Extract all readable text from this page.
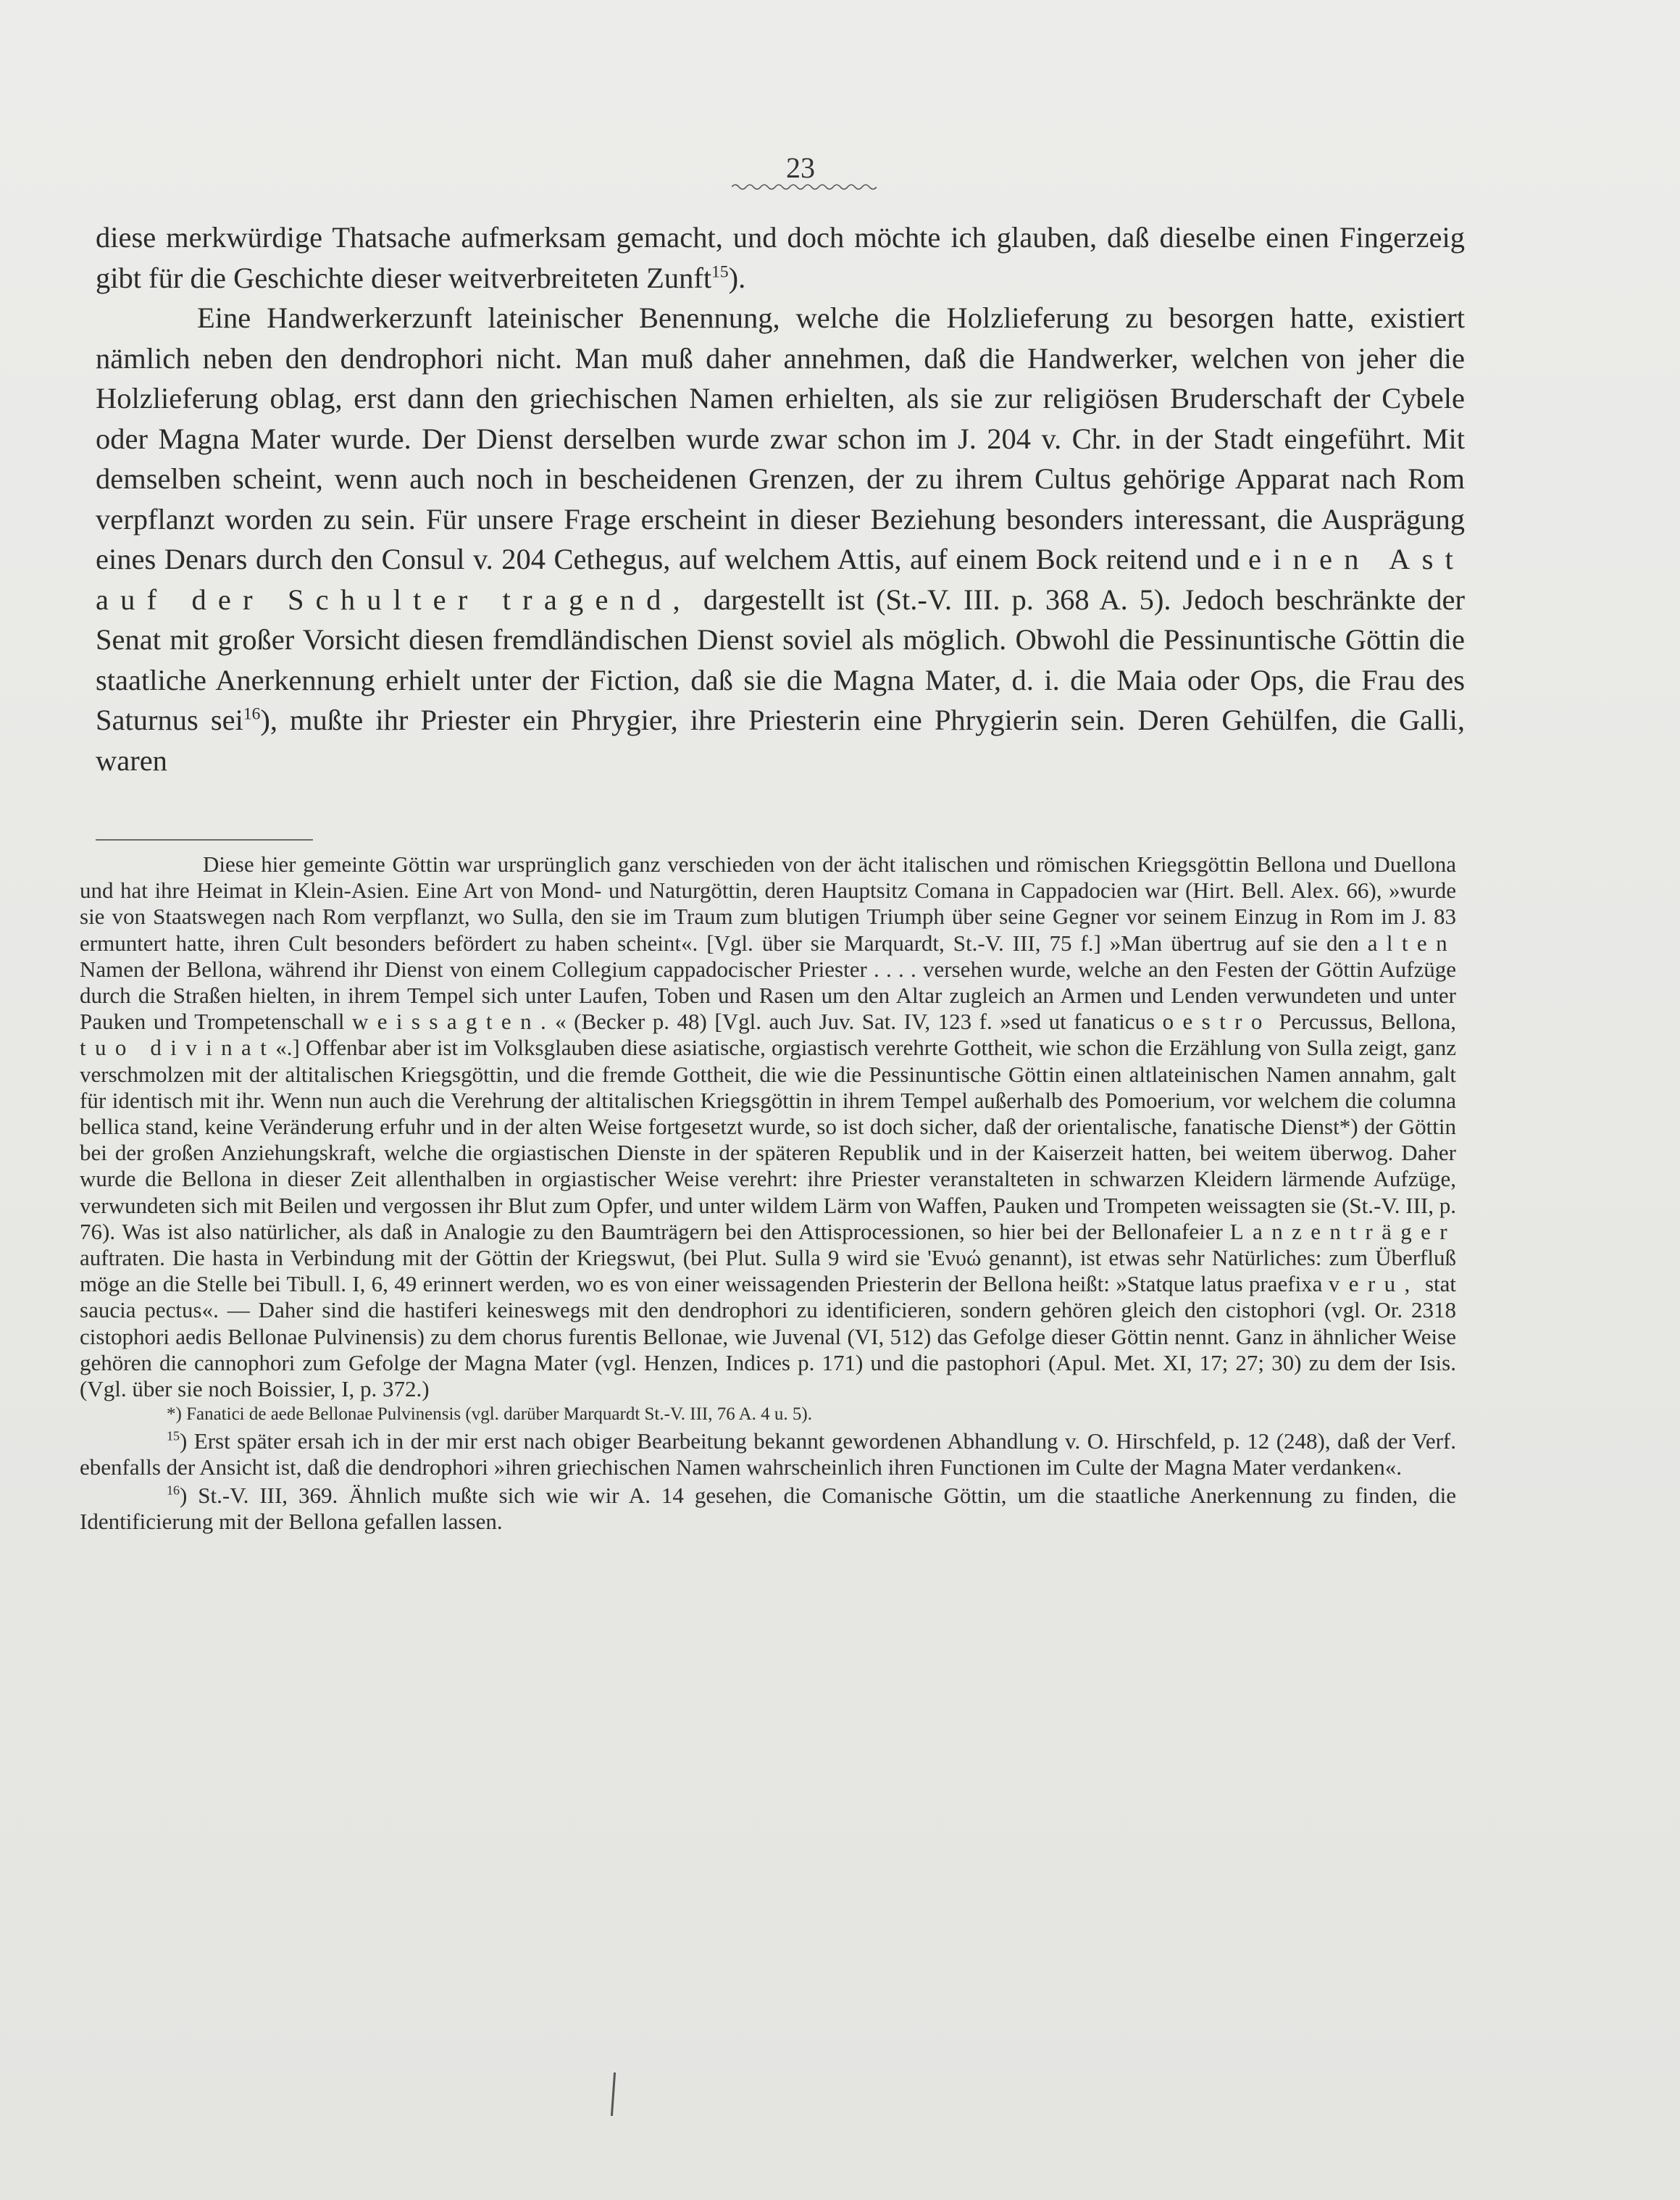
23

diese merkwürdige Thatsache aufmerksam gemacht, und doch möchte ich glauben, daß dieselbe einen Fingerzeig gibt für die Geschichte dieser weitverbreiteten Zunft$^{15}$).

Eine Handwerkerzunft lateinischer Benennung, welche die Holzlieferung zu besorgen hatte, existiert nämlich neben den dendrophori nicht. Man muß daher annehmen, daß die Handwerker, welchen von jeher die Holzlieferung oblag, erst dann den griechischen Namen erhielten, als sie zur religiösen Bruderschaft der Cybele oder Magna Mater wurde. Der Dienst derselben wurde zwar schon im J. 204 v. Chr. in der Stadt eingeführt. Mit demselben scheint, wenn auch noch in bescheidenen Grenzen, der zu ihrem Cultus gehörige Apparat nach Rom verpflanzt worden zu sein. Für unsere Frage erscheint in dieser Beziehung besonders interessant, die Ausprägung eines Denars durch den Consul v. 204 Cethegus, auf welchem Attis, auf einem Bock reitend und einen Ast auf der Schulter tragend, dargestellt ist (St.-V. III. p. 368 A. 5). Jedoch beschränkte der Senat mit großer Vorsicht diesen fremdländischen Dienst soviel als möglich. Obwohl die Pessinuntische Göttin die staatliche Anerkennung erhielt unter der Fiction, daß sie die Magna Mater, d. i. die Maia oder Ops, die Frau des Saturnus sei$^{16}$), mußte ihr Priester ein Phrygier, ihre Priesterin eine Phrygierin sein. Deren Gehülfen, die Galli, waren

Diese hier gemeinte Göttin war ursprünglich ganz verschieden von der ächt italischen und römischen Kriegsgöttin Bellona und Duellona und hat ihre Heimat in Klein-Asien. Eine Art von Mond- und Naturgöttin, deren Hauptsitz Comana in Cappadocien war (Hirt. Bell. Alex. 66), »wurde sie von Staatswegen nach Rom verpflanzt, wo Sulla, den sie im Traum zum blutigen Triumph über seine Gegner vor seinem Einzug in Rom im J. 83 ermuntert hatte, ihren Cult besonders befördert zu haben scheint«. [Vgl. über sie Marquardt, St.-V. III, 75 f.] »Man übertrug auf sie den alten Namen der Bellona, während ihr Dienst von einem Collegium cappadocischer Priester . . . . versehen wurde, welche an den Festen der Göttin Aufzüge durch die Straßen hielten, in ihrem Tempel sich unter Laufen, Toben und Rasen um den Altar zugleich an Armen und Lenden verwundeten und unter Pauken und Trompetenschall weissagten.« (Becker p. 48) [Vgl. auch Juv. Sat. IV, 123 f. »sed ut fanaticus oestro Percussus, Bellona, tuo divinat«.] Offenbar aber ist im Volksglauben diese asiatische, orgiastisch verehrte Gottheit, wie schon die Erzählung von Sulla zeigt, ganz verschmolzen mit der altitalischen Kriegsgöttin, und die fremde Gottheit, die wie die Pessinuntische Göttin einen altlateinischen Namen annahm, galt für identisch mit ihr. Wenn nun auch die Verehrung der altitalischen Kriegsgöttin in ihrem Tempel außerhalb des Pomoerium, vor welchem die columna bellica stand, keine Veränderung erfuhr und in der alten Weise fortgesetzt wurde, so ist doch sicher, daß der orientalische, fanatische Dienst*) der Göttin bei der großen Anziehungskraft, welche die orgiastischen Dienste in der späteren Republik und in der Kaiserzeit hatten, bei weitem überwog. Daher wurde die Bellona in dieser Zeit allenthalben in orgiastischer Weise verehrt: ihre Priester veranstalteten in schwarzen Kleidern lärmende Aufzüge, verwundeten sich mit Beilen und vergossen ihr Blut zum Opfer, und unter wildem Lärm von Waffen, Pauken und Trompeten weissagten sie (St.-V. III, p. 76). Was ist also natürlicher, als daß in Analogie zu den Baumträgern bei den Attisprocessionen, so hier bei der Bellonafeier Lanzenträger auftraten. Die hasta in Verbindung mit der Göttin der Kriegswut, (bei Plut. Sulla 9 wird sie 'Ενυώ genannt), ist etwas sehr Natürliches: zum Überfluß möge an die Stelle bei Tibull. I, 6, 49 erinnert werden, wo es von einer weissagenden Priesterin der Bellona heißt: »Statque latus praefixa veru, stat saucia pectus«. — Daher sind die hastiferi keineswegs mit den dendrophori zu identificieren, sondern gehören gleich den cistophori (vgl. Or. 2318 cistophori aedis Bellonae Pulvinensis) zu dem chorus furentis Bellonae, wie Juvenal (VI, 512) das Gefolge dieser Göttin nennt. Ganz in ähnlicher Weise gehören die cannophori zum Gefolge der Magna Mater (vgl. Henzen, Indices p. 171) und die pastophori (Apul. Met. XI, 17; 27; 30) zu dem der Isis. (Vgl. über sie noch Boissier, I, p. 372.)

*) Fanatici de aede Bellonae Pulvinensis (vgl. darüber Marquardt St.-V. III, 76 A. 4 u. 5).

$^{15}$) Erst später ersah ich in der mir erst nach obiger Bearbeitung bekannt gewordenen Abhandlung v. O. Hirschfeld, p. 12 (248), daß der Verf. ebenfalls der Ansicht ist, daß die dendrophori »ihren griechischen Namen wahrscheinlich ihren Functionen im Culte der Magna Mater verdanken«.

$^{16}$) St.-V. III, 369. Ähnlich mußte sich wie wir A. 14 gesehen, die Comanische Göttin, um die staatliche Anerkennung zu finden, die Identificierung mit der Bellona gefallen lassen.
